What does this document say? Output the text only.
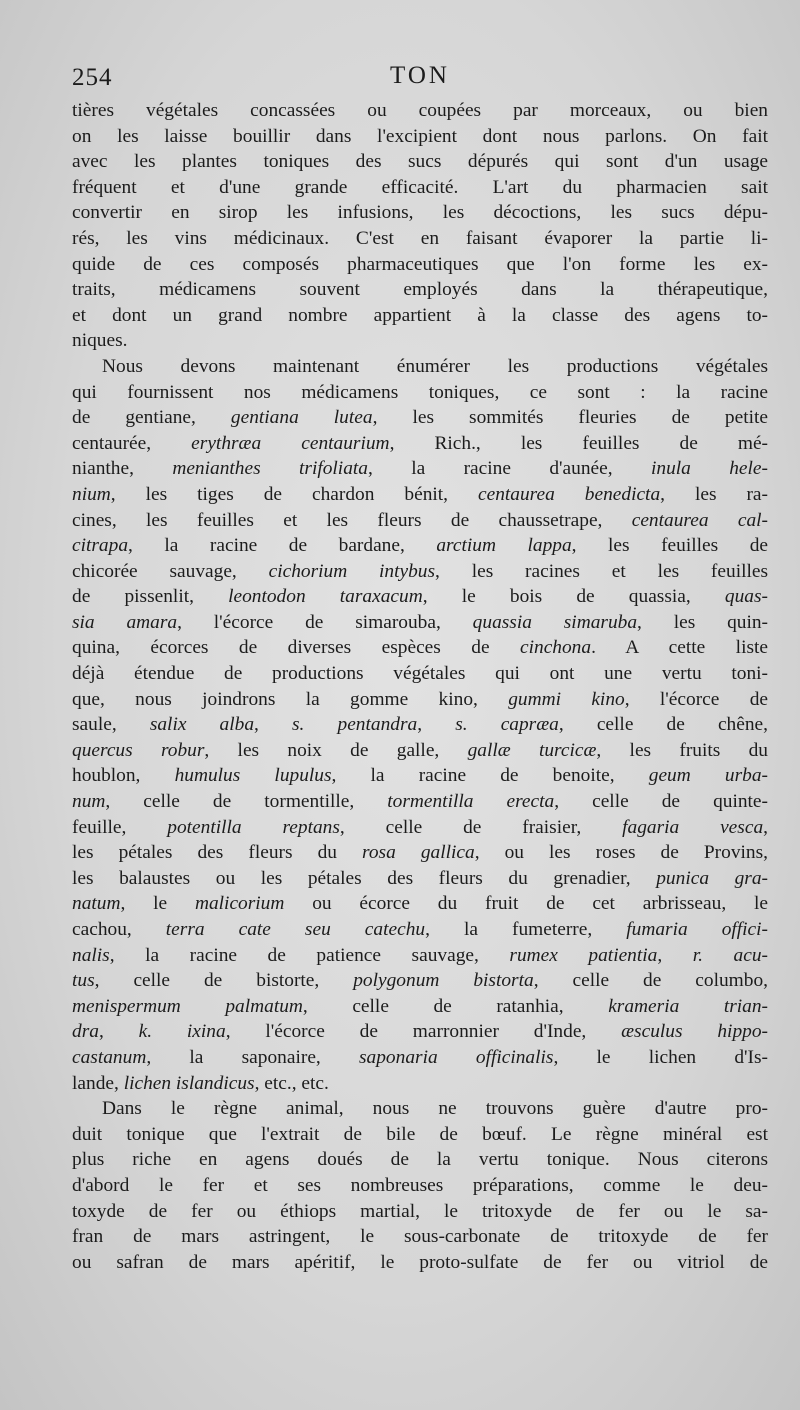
254	TON
tières végétales concassées ou coupées par morceaux, ou bien
on les laisse bouillir dans l'excipient dont nous parlons. On fait
avec les plantes toniques des sucs dépurés qui sont d'un usage
fréquent et d'une grande efficacité. L'art du pharmacien sait
convertir en sirop les infusions, les décoctions, les sucs dépu-
rés, les vins médicinaux. C'est en faisant évaporer la partie li-
quide de ces composés pharmaceutiques que l'on forme les ex-
traits, médicamens souvent employés dans la thérapeutique,
et dont un grand nombre appartient à la classe des agens to-
niques.
Nous devons maintenant énumérer les productions végétales
qui fournissent nos médicamens toniques, ce sont : la racine
de gentiane, gentiana lutea, les sommités fleuries de petite
centaurée, erythræa centaurium, Rich., les feuilles de mé-
nianthe, menianthes trifoliata, la racine d'aunée, inula hele-
nium, les tiges de chardon bénit, centaurea benedicta, les ra-
cines, les feuilles et les fleurs de chaussetrape, centaurea cal-
citrapa, la racine de bardane, arctium lappa, les feuilles de
chicorée sauvage, cichorium intybus, les racines et les feuilles
de pissenlit, leontodon taraxacum, le bois de quassia, quas-
sia amara, l'écorce de simarouba, quassia simaruba, les quin-
quina, écorces de diverses espèces de cinchona. A cette liste
déjà étendue de productions végétales qui ont une vertu toni-
que, nous joindrons la gomme kino, gummi kino, l'écorce de
saule, salix alba, s. pentandra, s. capræa, celle de chêne,
quercus robur, les noix de galle, gallæ turcicæ, les fruits du
houblon, humulus lupulus, la racine de benoite, geum urba-
num, celle de tormentille, tormentilla erecta, celle de quinte-
feuille, potentilla reptans, celle de fraisier, fagaria vesca,
les pétales des fleurs du rosa gallica, ou les roses de Provins,
les balaustes ou les pétales des fleurs du grenadier, punica gra-
natum, le malicorium ou écorce du fruit de cet arbrisseau, le
cachou, terra cate seu catechu, la fumeterre, fumaria offici-
nalis, la racine de patience sauvage, rumex patientia, r. acu-
tus, celle de bistorte, polygonum bistorta, celle de columbo,
menispermum palmatum, celle de ratanhia, krameria trian-
dra, k. ixina, l'écorce de marronnier d'Inde, æsculus hippo-
castanum, la saponaire, saponaria officinalis, le lichen d'Is-
lande, lichen islandicus, etc., etc.
Dans le règne animal, nous ne trouvons guère d'autre pro-
duit tonique que l'extrait de bile de bœuf. Le règne minéral est
plus riche en agens doués de la vertu tonique. Nous citerons
d'abord le fer et ses nombreuses préparations, comme le deu-
toxyde de fer ou éthiops martial, le tritoxyde de fer ou le sa-
fran de mars astringent, le sous-carbonate de tritoxyde de fer
ou safran de mars apéritif, le proto-sulfate de fer ou vitriol de
